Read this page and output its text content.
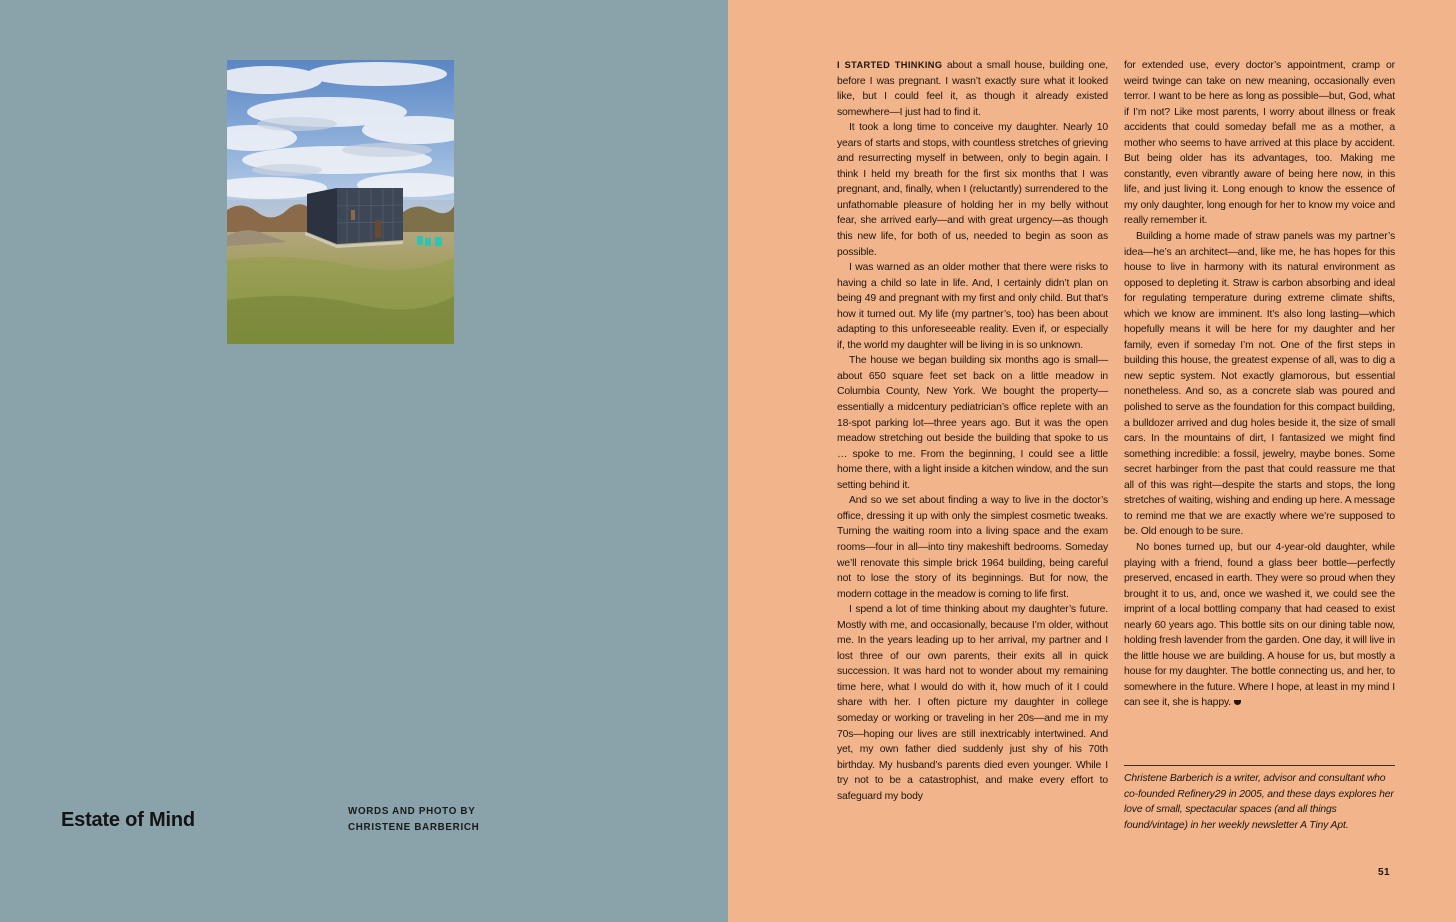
Estate of Mind	WORDS AND PHOTO BY
CHRISTENE BARBERICH

I STARTED THINKING about a small house, building one, before I was pregnant. I wasn’t exactly sure what it looked like, but I could feel it, as though it already existed somewhere—I just had to find it.

It took a long time to conceive my daughter. Nearly 10 years of starts and stops, with countless stretches of grieving and resurrecting myself in between, only to begin again. I think I held my breath for the first six months that I was pregnant, and, finally, when I (reluctantly) surrendered to the unfathomable pleasure of holding her in my belly without fear, she arrived early—and with great urgency—as though this new life, for both of us, needed to begin as soon as possible.

I was warned as an older mother that there were risks to having a child so late in life. And, I certainly didn’t plan on being 49 and pregnant with my first and only child. But that’s how it turned out. My life (my partner’s, too) has been about adapting to this unforeseeable reality. Even if, or especially if, the world my daughter will be living in is so unknown.

The house we began building six months ago is small—about 650 square feet set back on a little meadow in Columbia County, New York. We bought the property—essentially a midcentury pediatrician’s office replete with an 18-spot parking lot—three years ago. But it was the open meadow stretching out beside the building that spoke to us … spoke to me. From the beginning, I could see a little home there, with a light inside a kitchen window, and the sun setting behind it.

And so we set about finding a way to live in the doctor’s office, dressing it up with only the simplest cosmetic tweaks. Turning the waiting room into a living space and the exam rooms—four in all—into tiny makeshift bedrooms. Someday we’ll renovate this simple brick 1964 building, being careful not to lose the story of its beginnings. But for now, the modern cottage in the meadow is coming to life first.

I spend a lot of time thinking about my daughter’s future. Mostly with me, and occasionally, because I’m older, without me. In the years leading up to her arrival, my partner and I lost three of our own parents, their exits all in quick succession. It was hard not to wonder about my remaining time here, what I would do with it, how much of it I could share with her. I often picture my daughter in college someday or working or traveling in her 20s—and me in my 70s—hoping our lives are still inextricably intertwined. And yet, my own father died suddenly just shy of his 70th birthday. My husband’s parents died even younger. While I try not to be a catastrophist, and make every effort to safeguard my body

for extended use, every doctor’s appointment, cramp or weird twinge can take on new meaning, occasionally even terror. I want to be here as long as possible—but, God, what if I’m not? Like most parents, I worry about illness or freak accidents that could someday befall me as a mother, a mother who seems to have arrived at this place by accident. But being older has its advantages, too. Making me constantly, even vibrantly aware of being here now, in this life, and just living it. Long enough to know the essence of my only daughter, long enough for her to know my voice and really remember it.

Building a home made of straw panels was my partner’s idea—he’s an architect—and, like me, he has hopes for this house to live in harmony with its natural environment as opposed to depleting it. Straw is carbon absorbing and ideal for regulating temperature during extreme climate shifts, which we know are imminent. It’s also long lasting—which hopefully means it will be here for my daughter and her family, even if someday I’m not. One of the first steps in building this house, the greatest expense of all, was to dig a new septic system. Not exactly glamorous, but essential nonetheless. And so, as a concrete slab was poured and polished to serve as the foundation for this compact building, a bulldozer arrived and dug holes beside it, the size of small cars. In the mountains of dirt, I fantasized we might find something incredible: a fossil, jewelry, maybe bones. Some secret harbinger from the past that could reassure me that all of this was right—despite the starts and stops, the long stretches of waiting, wishing and ending up here. A message to remind me that we are exactly where we’re supposed to be. Old enough to be sure.

No bones turned up, but our 4-year-old daughter, while playing with a friend, found a glass beer bottle—perfectly preserved, encased in earth. They were so proud when they brought it to us, and, once we washed it, we could see the imprint of a local bottling company that had ceased to exist nearly 60 years ago. This bottle sits on our dining table now, holding fresh lavender from the garden. One day, it will live in the little house we are building. A house for us, but mostly a house for my daughter. The bottle connecting us, and her, to somewhere in the future. Where I hope, at least in my mind I can see it, she is happy.

Christene Barberich is a writer, advisor and consultant who co-founded Refinery29 in 2005, and these days explores her love of small, spectacular spaces (and all things found/vintage) in her weekly newsletter A Tiny Apt.

51
